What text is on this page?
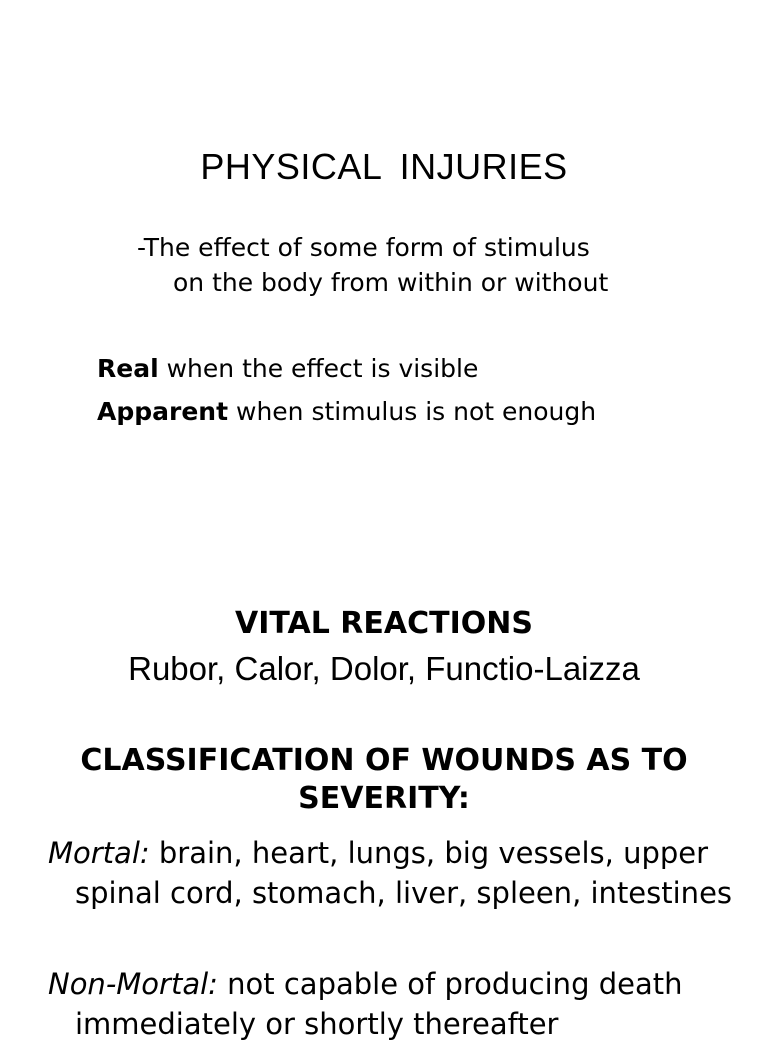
PHYSICAL INJURIES
-The effect of some form of stimulus
on the body from within or without
Real when the effect is visible
Apparent when stimulus is not enough
VITAL REACTIONS
Rubor, Calor, Dolor, Functio-Laizza
CLASSIFICATION OF WOUNDS AS TO SEVERITY:
Mortal: brain, heart, lungs, big vessels, upper spinal cord, stomach, liver, spleen, intestines
Non-Mortal: not capable of producing death immediately or shortly thereafter
